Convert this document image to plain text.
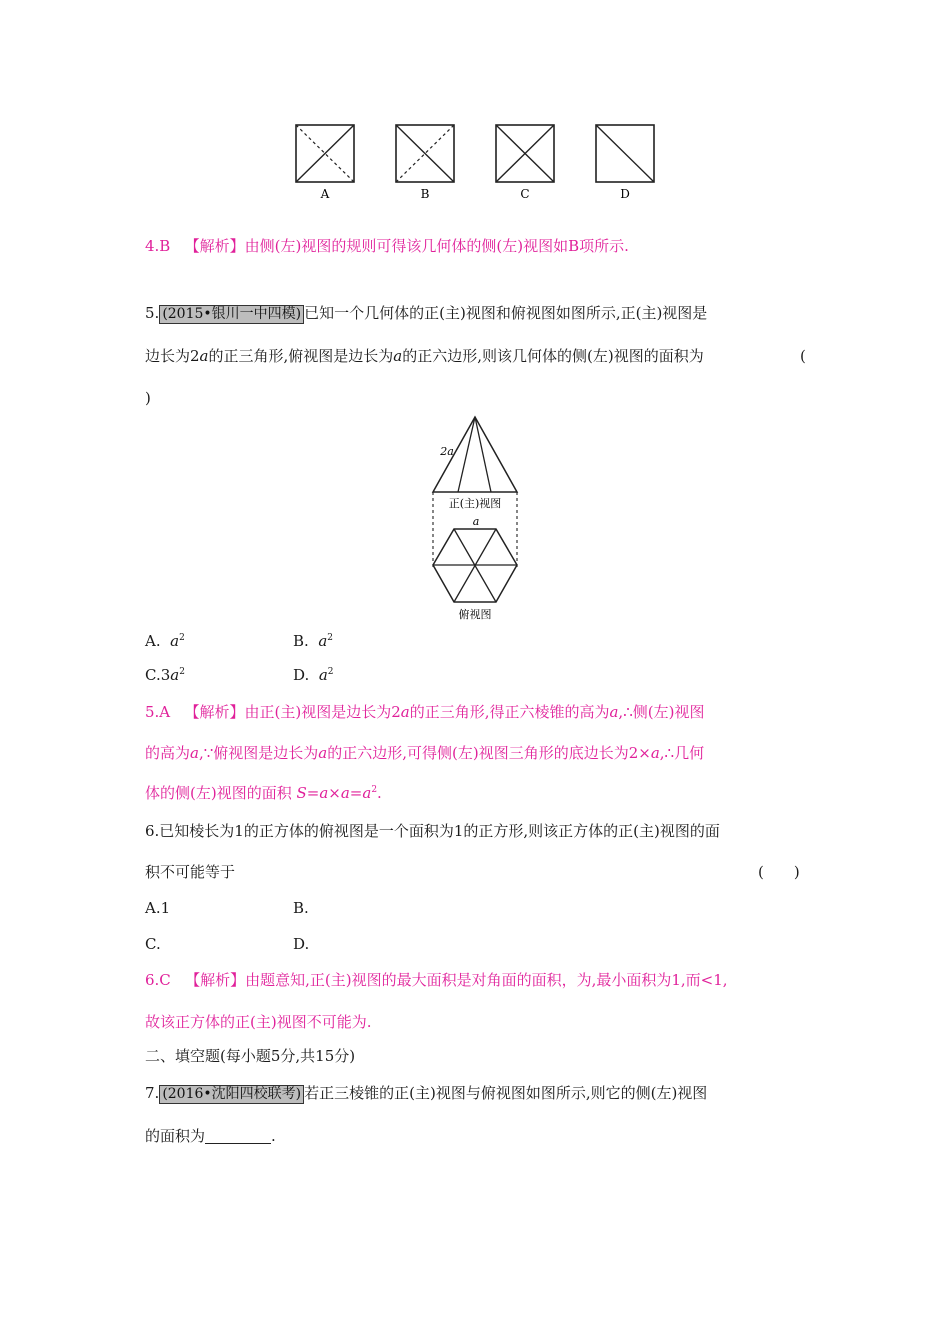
A	B	C	D
4.B 【解析】由侧(左)视图的规则可得该几何体的侧(左)视图如B项所示.
5. (2015•银川一中四模) 已知一个几何体的正(主)视图和俯视图如图所示,正(主)视图是
边长为2a的正三角形,俯视图是边长为a的正六边形,则该几何体的侧(左)视图的面积为	(
)
2a
正(主)视图
a
俯视图
A. $a^2$	B. $a^2$
$C.3a^2$	D. $a^2$
5.A 【解析】由正(主)视图是边长为2a的正三角形,得正六棱锥的高为a,∴侧(左)视图
的高为a,∵俯视图是边长为a的正六边形,可得侧(左)视图三角形的底边长为2×a,∴几何
体的侧(左)视图的面积 $S=a\times a=a^2$.
6.已知棱长为1的正方体的俯视图是一个面积为1的正方形,则该正方体的正(主)视图的面
积不可能等于	(　　)
A.1	B.
C.	D.
6.C 【解析】由题意知,正(主)视图的最大面积是对角面的面积，为,最小面积为1,而<1,
故该正方体的正(主)视图不可能为.
二、填空题(每小题5分,共15分)
7. (2016•沈阳四校联考) 若正三棱锥的正(主)视图与俯视图如图所示,则它的侧(左)视图
的面积为	.
